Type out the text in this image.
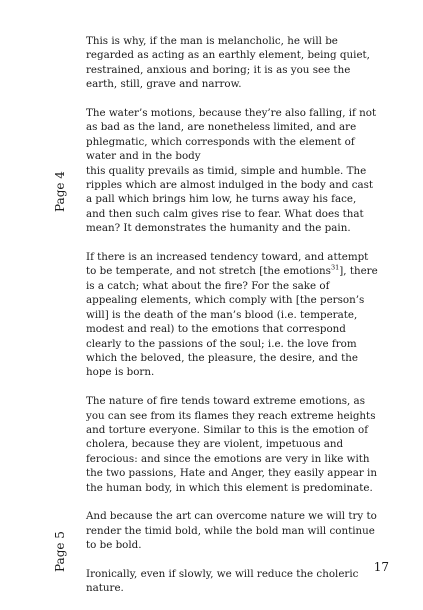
Page 4
Page 5

This is why, if the man is melancholic, he will be regarded as acting as an earthly element, being quiet, restrained, anxious and boring; it is as you see the earth, still, grave and narrow.

The water’s motions, because they’re also falling, if not as bad as the land, are nonetheless limited, and are phlegmatic, which corresponds with the element of water and in the body

this quality prevails as timid, simple and humble. The ripples which are almost indulged in the body and cast a pall which brings him low, he turns away his face, and then such calm gives rise to fear. What does that mean? It demonstrates the humanity and the pain.

If there is an increased tendency toward, and attempt to be temperate, and not stretch [the emotions$^{31}$], there is a catch; what about the fire? For the sake of appealing elements, which comply with [the person’s will] is the death of the man’s blood (i.e. temperate, modest and real) to the emotions that correspond clearly to the passions of the soul; i.e. the love from which the beloved, the pleasure, the desire, and the hope is born.

The nature of fire tends toward extreme emotions, as you can see from its flames they reach extreme heights and torture everyone. Similar to this is the emotion of cholera, because they are violent, impetuous and ferocious: and since the emotions are very in like with the two passions, Hate and Anger, they easily appear in the human body, in which this element is predominate.

And because the art can overcome nature we will try to render the timid bold, while the bold man will continue to be bold.

Ironically, even if slowly, we will reduce the choleric nature.

17
